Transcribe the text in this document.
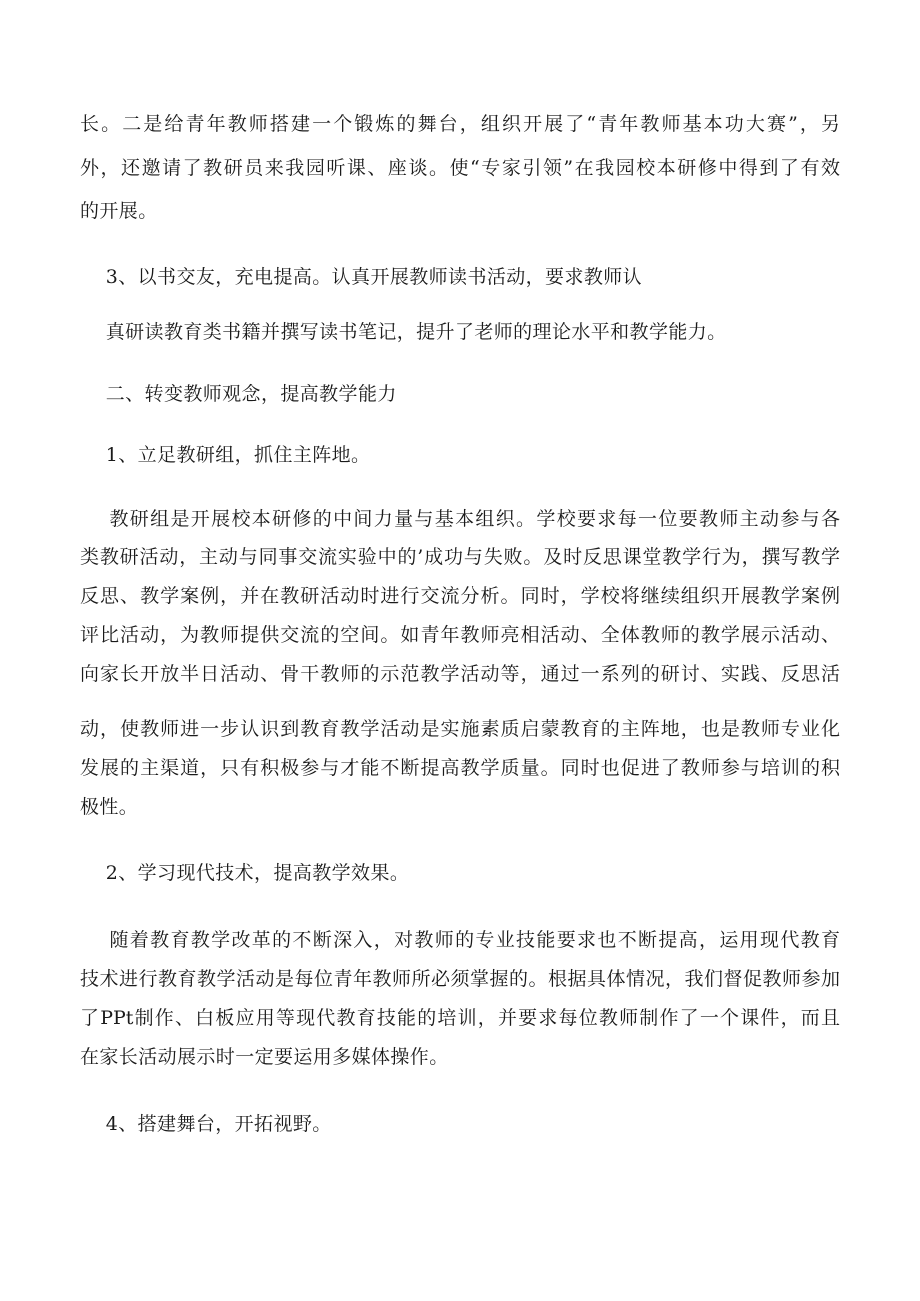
长。二是给青年教师搭建一个锻炼的舞台，组织开展了“青年教师基本功大赛”，另
外，还邀请了教研员来我园听课、座谈。使“专家引领”在我园校本研修中得到了有效
的开展。
3、以书交友，充电提高。认真开展教师读书活动，要求教师认
真研读教育类书籍并撰写读书笔记，提升了老师的理论水平和教学能力。
二、转变教师观念，提高教学能力
1、立足教研组，抓住主阵地。
教研组是开展校本研修的中间力量与基本组织。学校要求每一位要教师主动参与各
类教研活动，主动与同事交流实验中的’成功与失败。及时反思课堂教学行为，撰写教学
反思、教学案例，并在教研活动时进行交流分析。同时，学校将继续组织开展教学案例
评比活动，为教师提供交流的空间。如青年教师亮相活动、全体教师的教学展示活动、
向家长开放半日活动、骨干教师的示范教学活动等，通过一系列的研讨、实践、反思活
动，使教师进一步认识到教育教学活动是实施素质启蒙教育的主阵地，也是教师专业化
发展的主渠道，只有积极参与才能不断提高教学质量。同时也促进了教师参与培训的积
极性。
2、学习现代技术，提高教学效果。
随着教育教学改革的不断深入，对教师的专业技能要求也不断提高，运用现代教育
技术进行教育教学活动是每位青年教师所必须掌握的。根据具体情况，我们督促教师参加
了PPt制作、白板应用等现代教育技能的培训，并要求每位教师制作了一个课件，而且
在家长活动展示时一定要运用多媒体操作。
4、搭建舞台，开拓视野。
